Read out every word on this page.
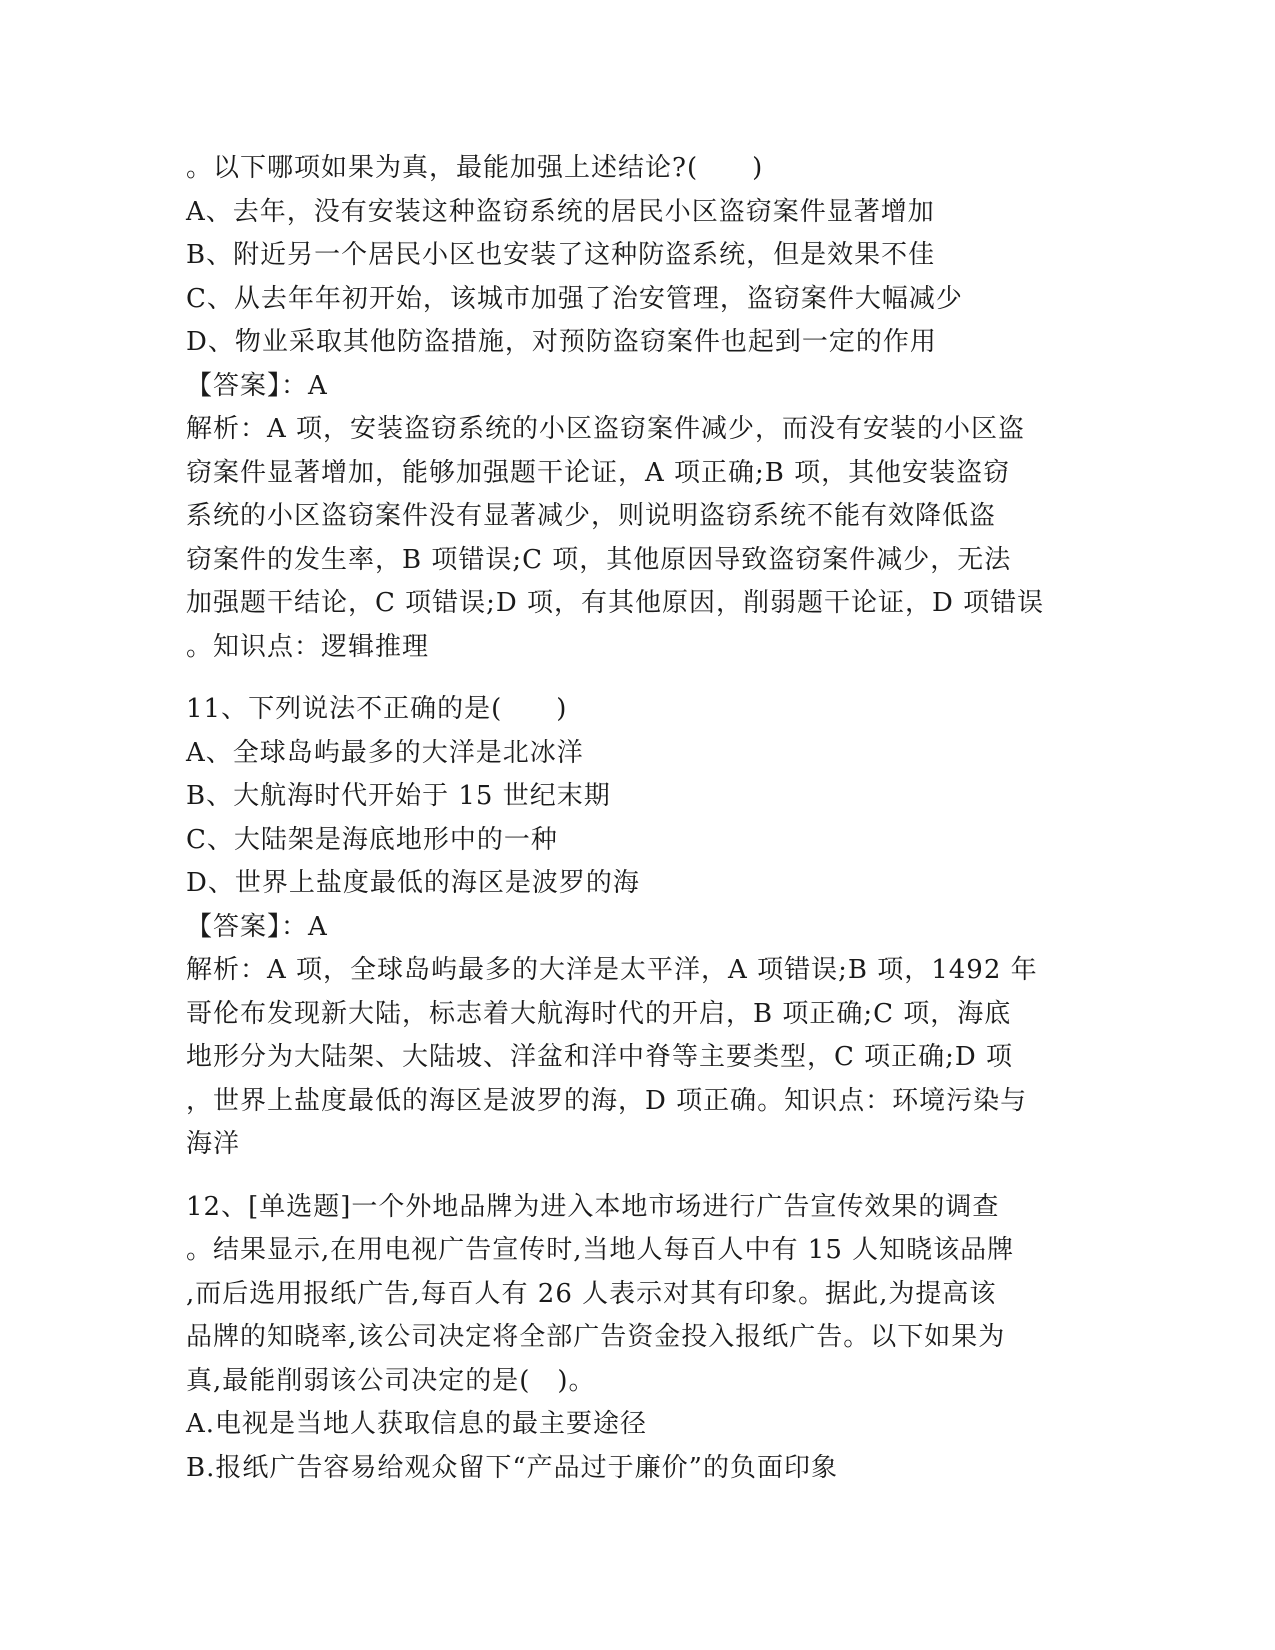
。以下哪项如果为真，最能加强上述结论?(　　)
A、去年，没有安装这种盗窃系统的居民小区盗窃案件显著增加
B、附近另一个居民小区也安装了这种防盗系统，但是效果不佳
C、从去年年初开始，该城市加强了治安管理，盗窃案件大幅减少
D、物业采取其他防盗措施，对预防盗窃案件也起到一定的作用
【答案】：A
解析：A 项，安装盗窃系统的小区盗窃案件减少，而没有安装的小区盗
窃案件显著增加，能够加强题干论证，A 项正确;B 项，其他安装盗窃
系统的小区盗窃案件没有显著减少，则说明盗窃系统不能有效降低盗
窃案件的发生率，B 项错误;C 项，其他原因导致盗窃案件减少，无法
加强题干结论，C 项错误;D 项，有其他原因，削弱题干论证，D 项错误
。知识点：逻辑推理
11、下列说法不正确的是(　　)
A、全球岛屿最多的大洋是北冰洋
B、大航海时代开始于 15 世纪末期
C、大陆架是海底地形中的一种
D、世界上盐度最低的海区是波罗的海
【答案】：A
解析：A 项，全球岛屿最多的大洋是太平洋，A 项错误;B 项，1492 年
哥伦布发现新大陆，标志着大航海时代的开启，B 项正确;C 项，海底
地形分为大陆架、大陆坡、洋盆和洋中脊等主要类型，C 项正确;D 项
，世界上盐度最低的海区是波罗的海，D 项正确。知识点：环境污染与
海洋
12、[单选题]一个外地品牌为进入本地市场进行广告宣传效果的调查
。结果显示,在用电视广告宣传时,当地人每百人中有 15 人知晓该品牌
,而后选用报纸广告,每百人有 26 人表示对其有印象。据此,为提高该
品牌的知晓率,该公司决定将全部广告资金投入报纸广告。以下如果为
真,最能削弱该公司决定的是(　)。
A.电视是当地人获取信息的最主要途径
B.报纸广告容易给观众留下“产品过于廉价”的负面印象
